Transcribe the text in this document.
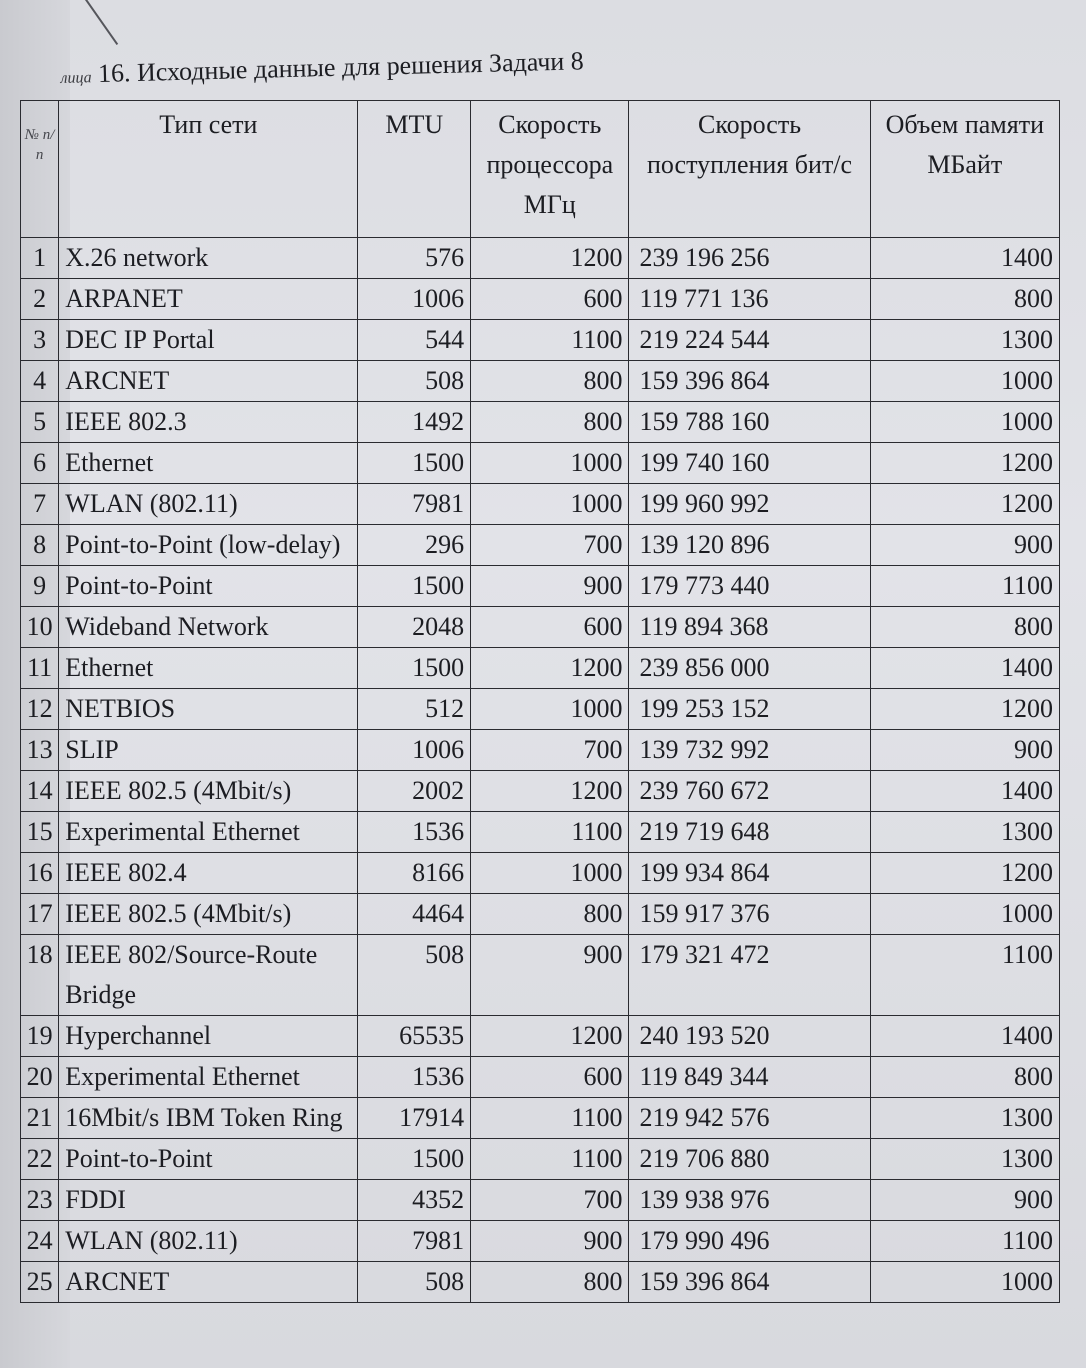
лица 16. Исходные данные для решения Задачи 8
№ п/п	Тип сети	MTU	Скорость процессора МГц	Скорость поступления бит/с	Объем памяти МБайт
1	X.26 network	576	1200	239 196 256	1400
2	ARPANET	1006	600	119 771 136	800
3	DEC IP Portal	544	1100	219 224 544	1300
4	ARCNET	508	800	159 396 864	1000
5	IEEE 802.3	1492	800	159 788 160	1000
6	Ethernet	1500	1000	199 740 160	1200
7	WLAN (802.11)	7981	1000	199 960 992	1200
8	Point-to-Point (low-delay)	296	700	139 120 896	900
9	Point-to-Point	1500	900	179 773 440	1100
10	Wideband Network	2048	600	119 894 368	800
11	Ethernet	1500	1200	239 856 000	1400
12	NETBIOS	512	1000	199 253 152	1200
13	SLIP	1006	700	139 732 992	900
14	IEEE 802.5 (4Mbit/s)	2002	1200	239 760 672	1400
15	Experimental Ethernet	1536	1100	219 719 648	1300
16	IEEE 802.4	8166	1000	199 934 864	1200
17	IEEE 802.5 (4Mbit/s)	4464	800	159 917 376	1000
18	IEEE 802/Source-Route Bridge	508	900	179 321 472	1100
19	Hyperchannel	65535	1200	240 193 520	1400
20	Experimental Ethernet	1536	600	119 849 344	800
21	16Mbit/s IBM Token Ring	17914	1100	219 942 576	1300
22	Point-to-Point	1500	1100	219 706 880	1300
23	FDDI	4352	700	139 938 976	900
24	WLAN (802.11)	7981	900	179 990 496	1100
25	ARCNET	508	800	159 396 864	1000
